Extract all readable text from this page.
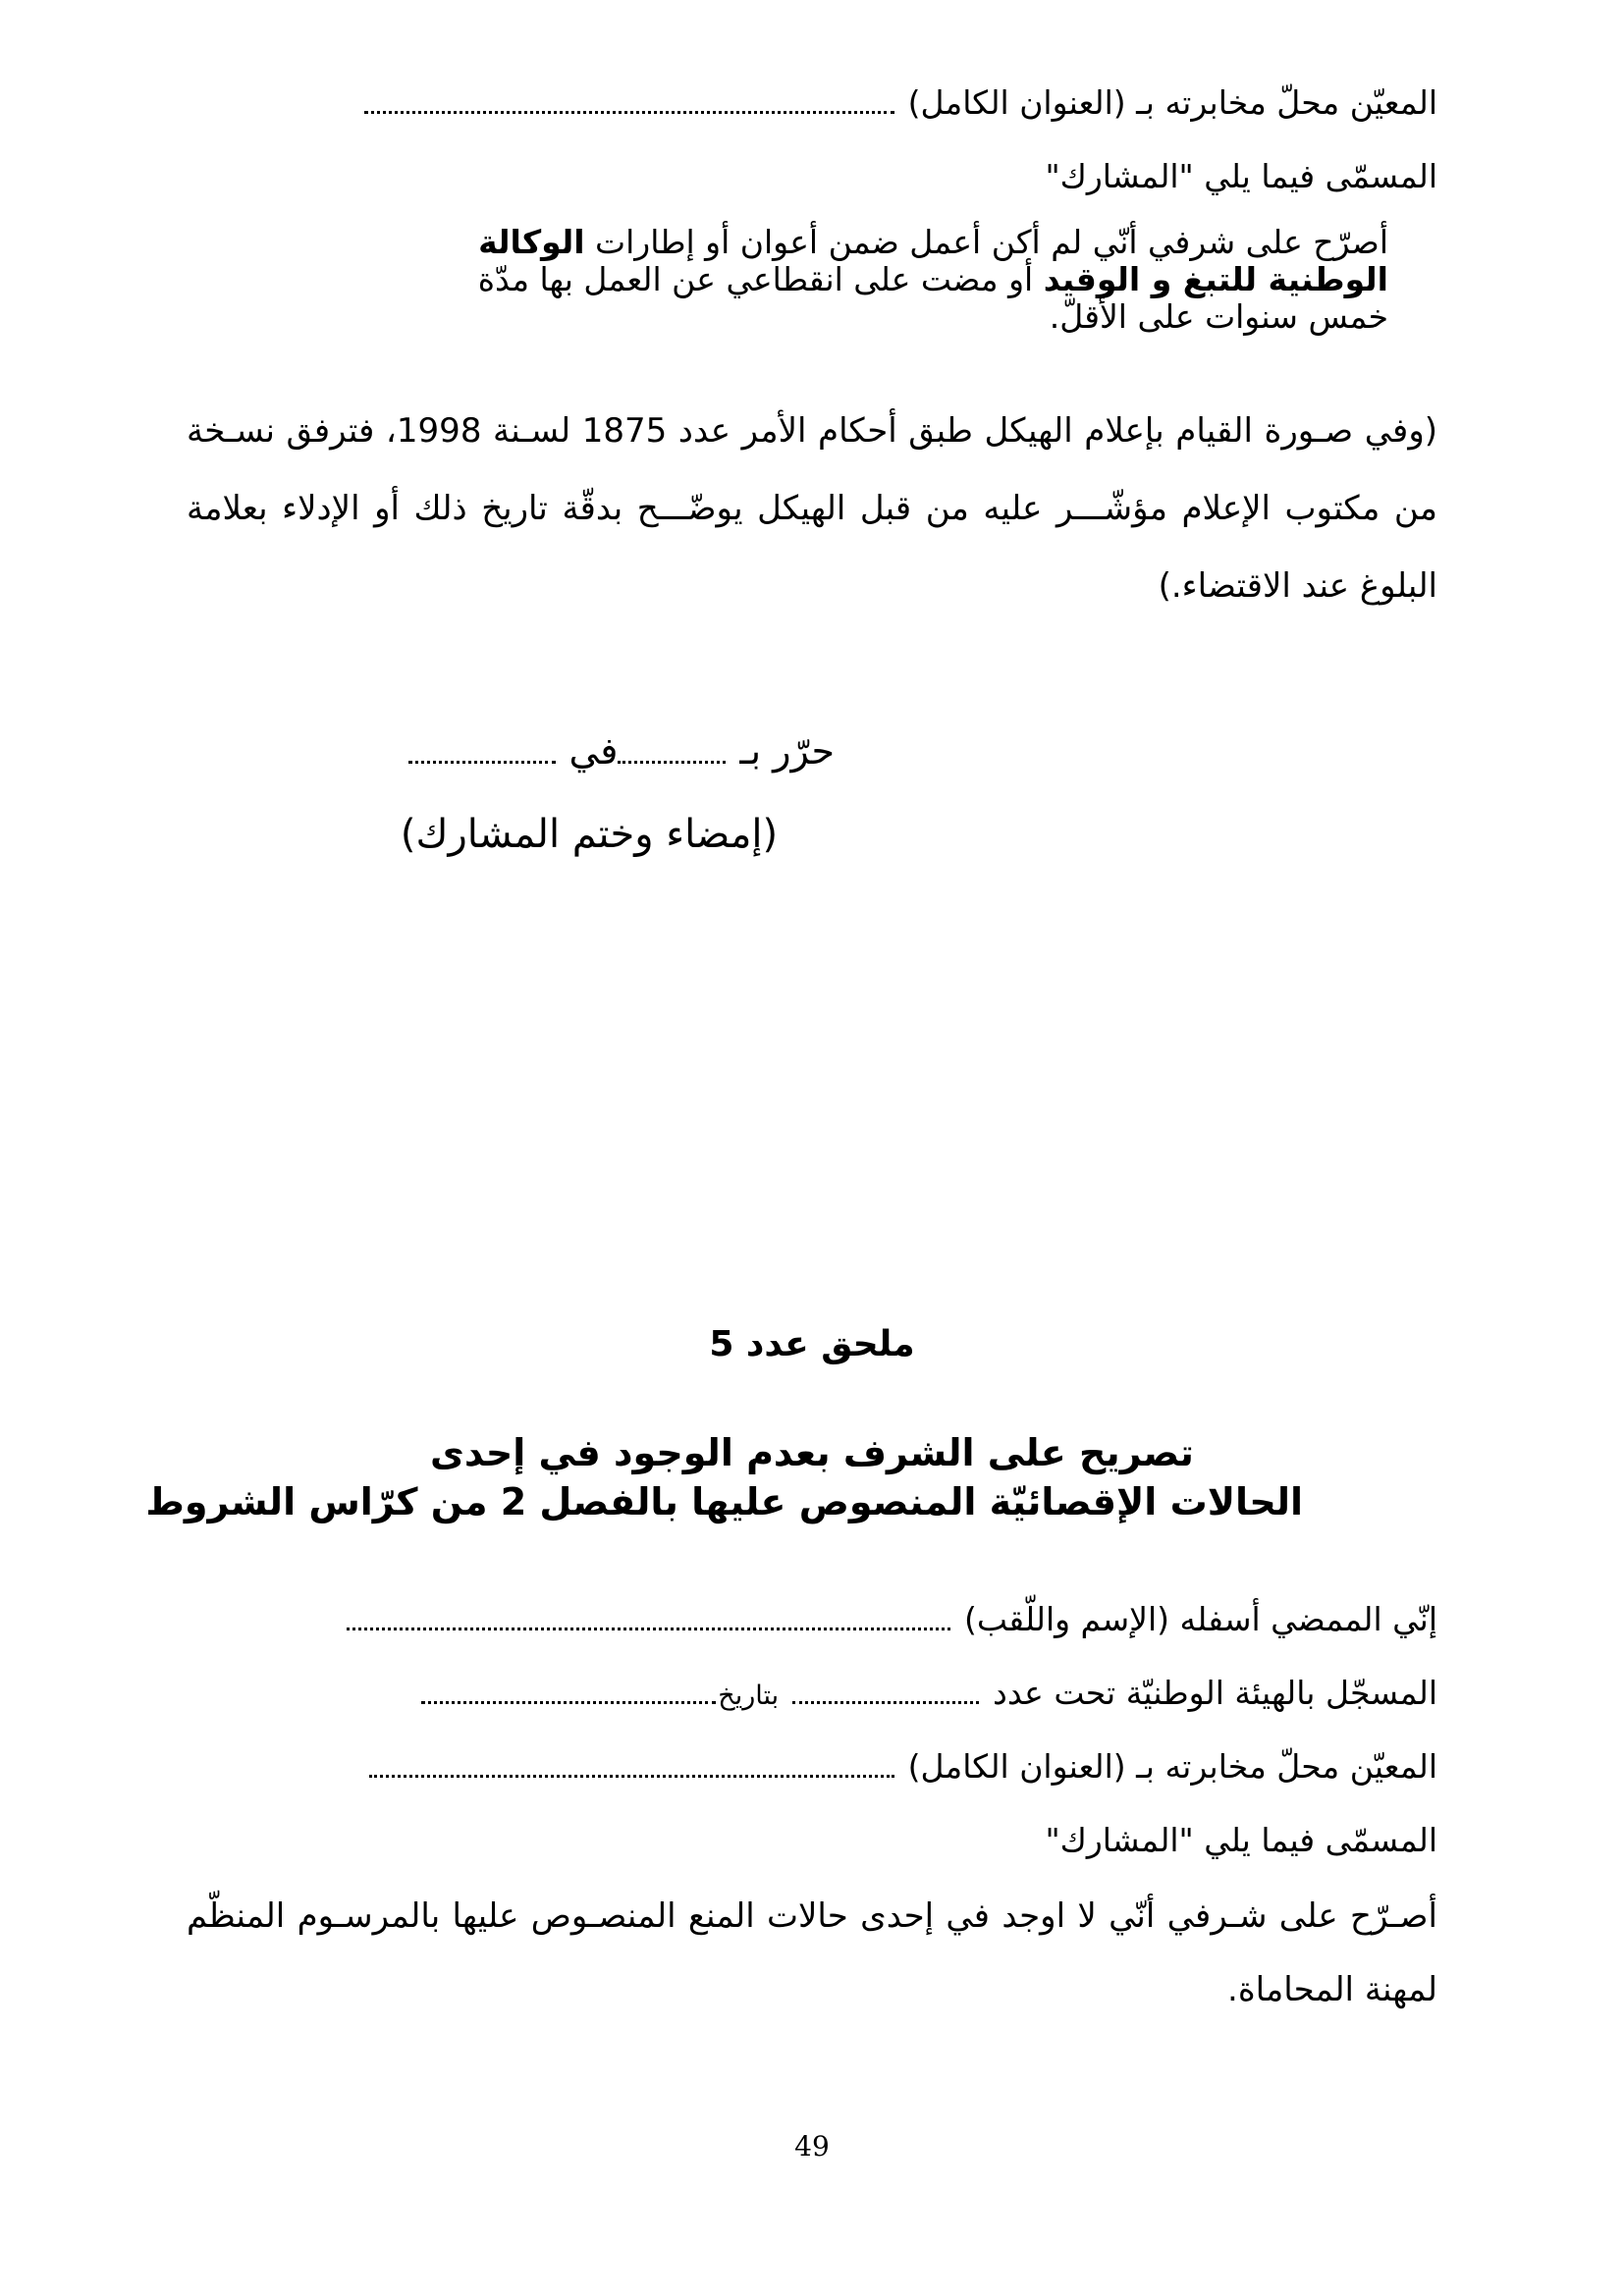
المعيّن محلّ مخابرته بـ (العنوان الكامل)
المسمّى فيما يلي "المشارك"
أصرّح على شرفي أنّي لم أكن أعمل ضمن أعوان أو إطارات الوكالة الوطنية للتبغ و الوقيد أو مضت على انقطاعي عن العمل بها مدّة خمس سنوات على الأقلّ.
(وفي صـورة القيام بإعلام الهيكل طبق أحكام الأمر عدد 1875 لسـنة 1998، فترفق نسـخة من مكتوب الإعلام مؤشّـــر عليه من قبل الهيكل يوضّـــح بدقّة تاريخ ذلك أو الإدلاء بعلامة البلوغ عند الاقتضاء.)
حرّر بـفي
(إمضاء وختم المشارك)
ملحق عدد 5
تصريح على الشرف بعدم الوجود في إحدى
الحالات الإقصائيّة المنصوص عليها بالفصل 2 من كرّاس الشروط
إنّي الممضي أسفله (الإسم واللّقب)
المسجّل بالهيئة الوطنيّة تحت عددبتاريخ
المعيّن محلّ مخابرته بـ (العنوان الكامل)
المسمّى فيما يلي "المشارك"
أصـرّح على شـرفي أنّي لا اوجد في إحدى حالات المنع المنصـوص عليها بالمرسـوم المنظّم لمهنة المحاماة.
49
